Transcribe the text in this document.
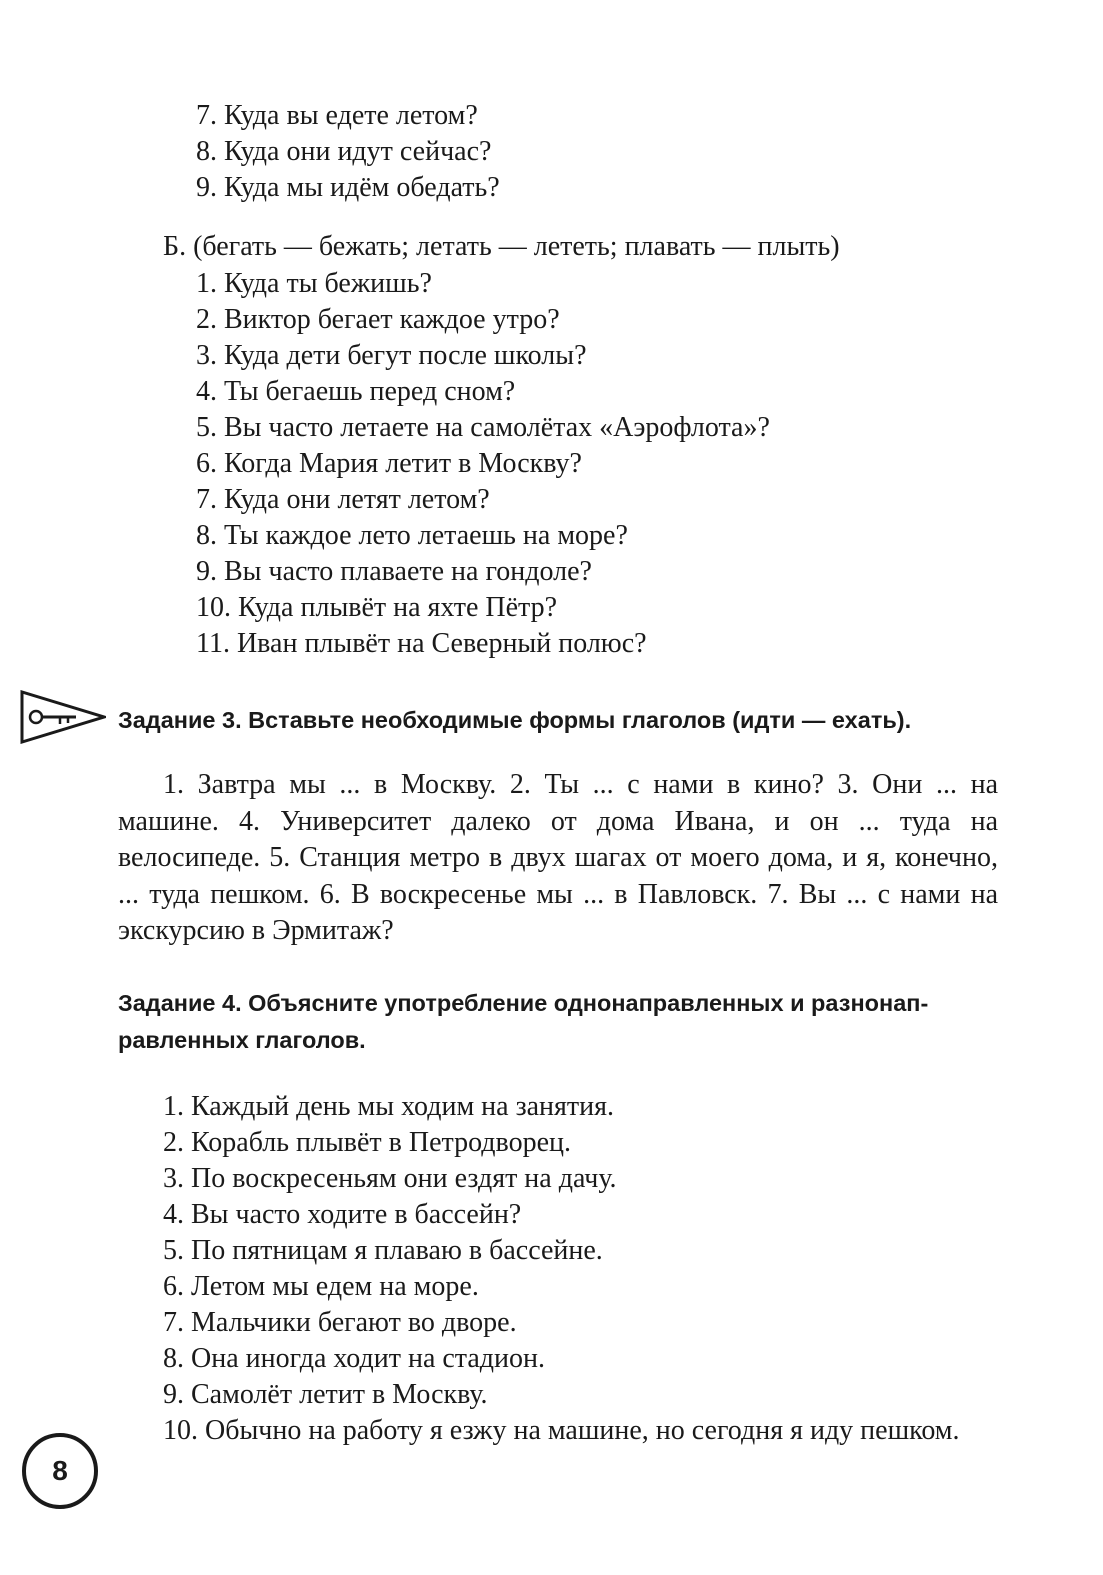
7. Куда вы едете летом?
8. Куда они идут сейчас?
9. Куда мы идём обедать?
Б. (бегать — бежать; летать — лететь; плавать — плыть)
1. Куда ты бежишь?
2. Виктор бегает каждое утро?
3. Куда дети бегут после школы?
4. Ты бегаешь перед сном?
5. Вы часто летаете на самолётах «Аэрофлота»?
6. Когда Мария летит в Москву?
7. Куда они летят летом?
8. Ты каждое лето летаешь на море?
9. Вы часто плаваете на гондоле?
10. Куда плывёт на яхте Пётр?
11. Иван плывёт на Северный полюс?
Задание 3. Вставьте необходимые формы глаголов (идти — ехать).
1. Завтра мы ... в Москву. 2. Ты ... с нами в кино? 3. Они ... на машине. 4. Университет далеко от дома Ивана, и он ... туда на велосипеде. 5. Станция метро в двух шагах от моего дома, и я, конечно, ... туда пешком. 6. В воскресенье мы ... в Павловск. 7. Вы ... с нами на экскурсию в Эрмитаж?
Задание 4. Объясните употребление однонаправленных и разнонап-
равленных глаголов.
1. Каждый день мы ходим на занятия.
2. Корабль плывёт в Петродворец.
3. По воскресеньям они ездят на дачу.
4. Вы часто ходите в бассейн?
5. По пятницам я плаваю в бассейне.
6. Летом мы едем на море.
7. Мальчики бегают во дворе.
8. Она иногда ходит на стадион.
9. Самолёт летит в Москву.
10. Обычно на работу я езжу на машине, но сегодня я иду пешком.
8
